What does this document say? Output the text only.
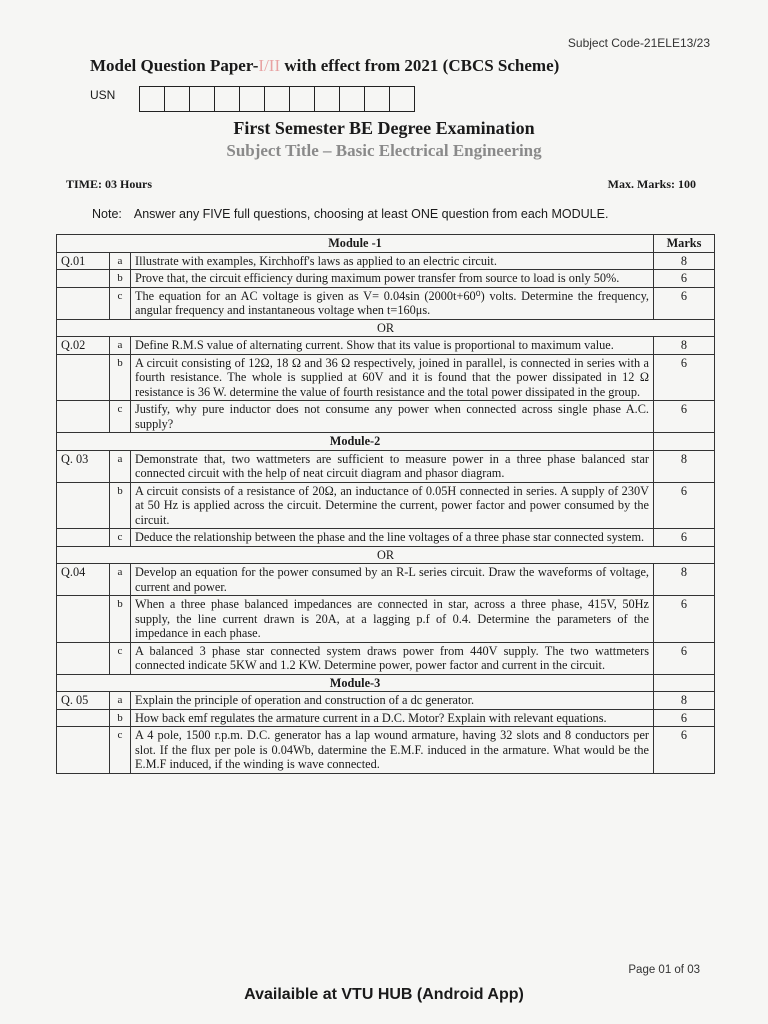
Subject Code-21ELE13/23
Model Question Paper-I/II with effect from 2021 (CBCS Scheme)
USN
First Semester BE Degree Examination
Subject Title – Basic Electrical Engineering
TIME: 03 Hours	Max. Marks: 100
Note: Answer any FIVE full questions, choosing at least ONE question from each MODULE.
Module -1			Marks
Q.01	a	Illustrate with examples, Kirchhoff's laws as applied to an electric circuit.	8
	b	Prove that, the circuit efficiency during maximum power transfer from source to load is only 50%.	6
	c	The equation for an AC voltage is given as V= 0.04sin (2000t+60⁰) volts. Determine the frequency, angular frequency and instantaneous voltage when t=160μs.	6
OR			
Q.02	a	Define R.M.S value of alternating current. Show that its value is proportional to maximum value.	8
	b	A circuit consisting of 12Ω, 18 Ω and 36 Ω respectively, joined in parallel, is connected in series with a fourth resistance. The whole is supplied at 60V and it is found that the power dissipated in 12 Ω resistance is 36 W. determine the value of fourth resistance and the total power dissipated in the group.	6
	c	Justify, why pure inductor does not consume any power when connected across single phase A.C. supply?	6
Module-2			
Q. 03	a	Demonstrate that, two wattmeters are sufficient to measure power in a three phase balanced star connected circuit with the help of neat circuit diagram and phasor diagram.	8
	b	A circuit consists of a resistance of 20Ω, an inductance of 0.05H connected in series. A supply of 230V at 50 Hz is applied across the circuit. Determine the current, power factor and power consumed by the circuit.	6
	c	Deduce the relationship between the phase and the line voltages of a three phase star connected system.	6
OR			
Q.04	a	Develop an equation for the power consumed by an R-L series circuit. Draw the waveforms of voltage, current and power.	8
	b	When a three phase balanced impedances are connected in star, across a three phase, 415V, 50Hz supply, the line current drawn is 20A, at a lagging p.f of 0.4. Determine the parameters of the impedance in each phase.	6
	c	A balanced 3 phase star connected system draws power from 440V supply. The two wattmeters connected indicate 5KW and 1.2 KW. Determine power, power factor and current in the circuit.	6
Module-3			
Q. 05	a	Explain the principle of operation and construction of a dc generator.	8
	b	How back emf regulates the armature current in a D.C. Motor? Explain with relevant equations.	6
	c	A 4 pole, 1500 r.p.m. D.C. generator has a lap wound armature, having 32 slots and 8 conductors per slot. If the flux per pole is 0.04Wb, datermine the E.M.F. induced in the armature. What would be the E.M.F induced, if the winding is wave connected.	6
Page 01 of 03
Availaible at VTU HUB (Android App)
